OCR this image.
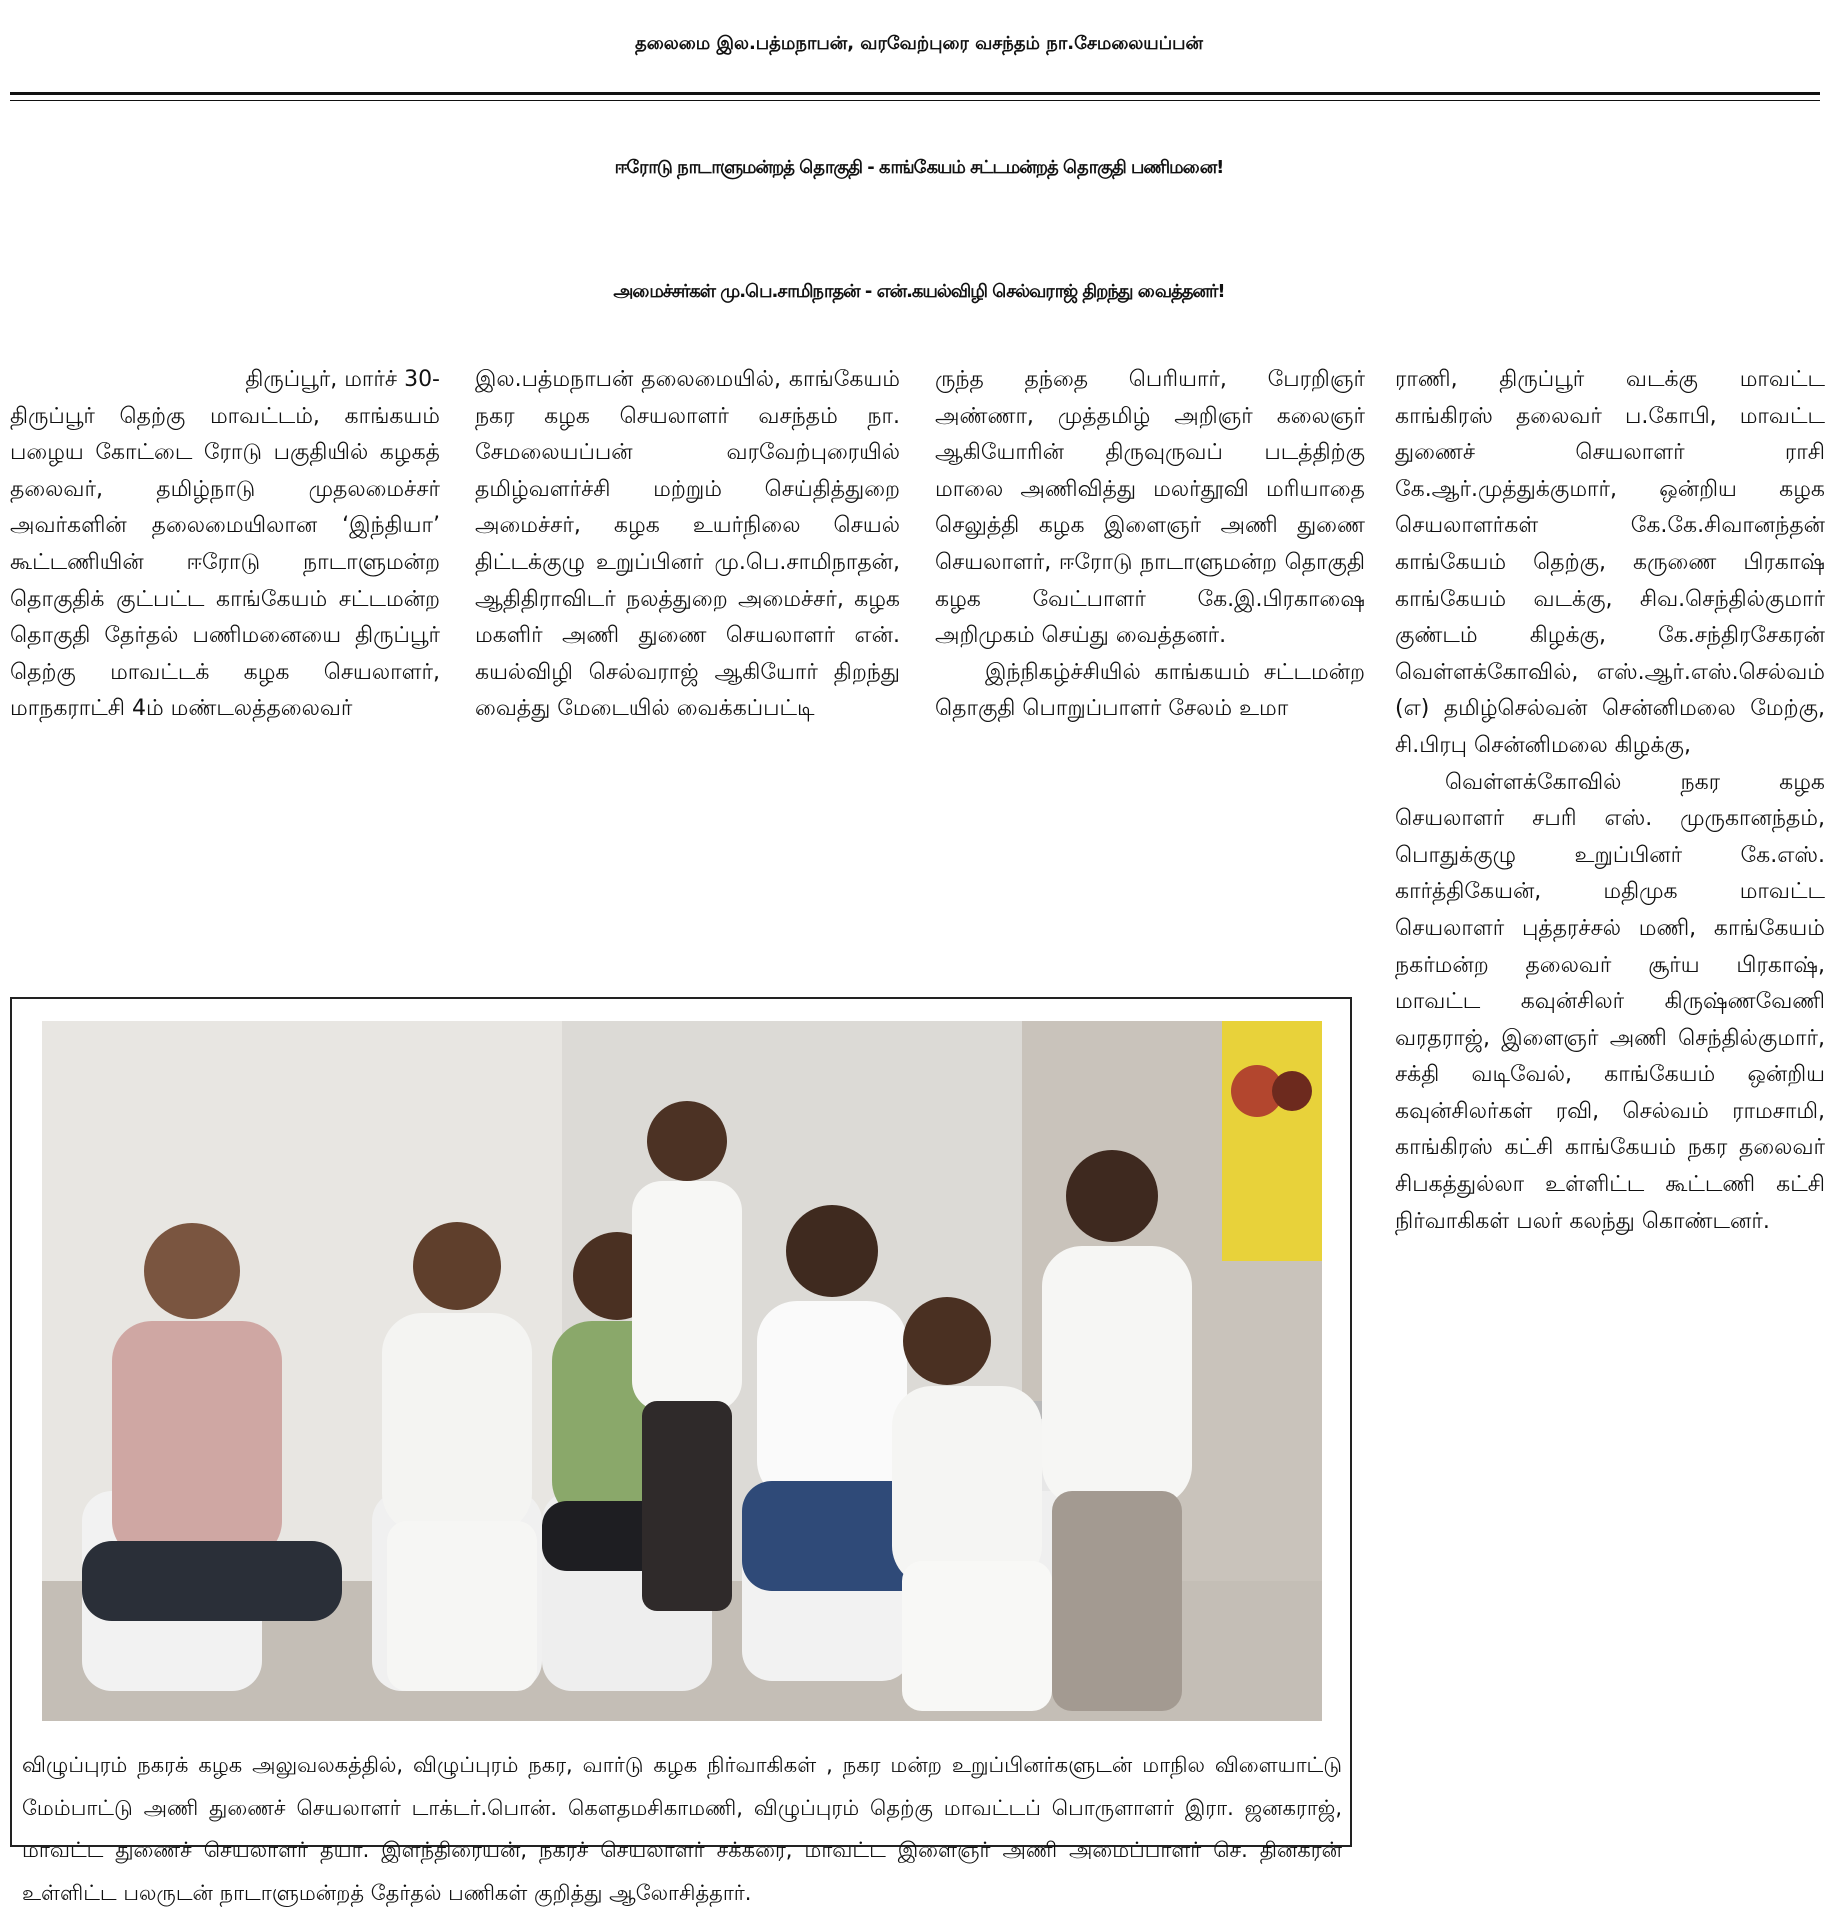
தலைமை இல.பத்மநாபன், வரவேற்புரை வசந்தம் நா.சேமலையப்பன்
ஈரோடு நாடாளுமன்றத் தொகுதி - காங்கேயம் சட்டமன்றத் தொகுதி பணிமனை!
அமைச்சர்கள் மு.பெ.சாமிநாதன் - என்.கயல்விழி செல்வராஜ் திறந்து வைத்தனர்!

திருப்பூர், மார்ச் 30-

திருப்பூர் தெற்கு மாவட்டம், காங்கயம் பழைய கோட்டை ரோடு பகுதியில் கழகத் தலைவர், தமிழ்நாடு முதலமைச்சர் அவர்களின் தலைமையிலான ‘இந்தியா’ கூட்டணியின் ஈரோடு நாடாளுமன்ற தொகுதிக் குட்பட்ட காங்கேயம் சட்டமன்ற தொகுதி தேர்தல் பணிமனையை திருப்பூர் தெற்கு மாவட்டக் கழக செயலாளர், மாநகராட்சி 4ம் மண்டலத்தலைவர்

இல.பத்மநாபன் தலைமையில், காங்கேயம் நகர கழக செயலாளர் வசந்தம் நா. சேமலையப்பன் வரவேற்புரையில் தமிழ்வளர்ச்சி மற்றும் செய்தித்துறை அமைச்சர், கழக உயர்நிலை செயல் திட்டக்குழு உறுப்பினர் மு.பெ.சாமிநாதன், ஆதிதிராவிடர் நலத்துறை அமைச்சர், கழக மகளிர் அணி துணை செயலாளர் என். கயல்விழி செல்வராஜ் ஆகியோர் திறந்து வைத்து மேடையில் வைக்கப்பட்டி

ருந்த தந்தை பெரியார், பேரறிஞர் அண்ணா, முத்தமிழ் அறிஞர் கலைஞர் ஆகியோரின் திருவுருவப் படத்திற்கு மாலை அணிவித்து மலர்தூவி மரியாதை செலுத்தி கழக இளைஞர் அணி துணை செயலாளர், ஈரோடு நாடாளுமன்ற தொகுதி கழக வேட்பாளர் கே.இ.பிரகாஷை அறிமுகம் செய்து வைத்தனர்.

இந்நிகழ்ச்சியில் காங்கயம் சட்டமன்ற தொகுதி பொறுப்பாளர் சேலம் உமா

ராணி, திருப்பூர் வடக்கு மாவட்ட காங்கிரஸ் தலைவர் ப.கோபி, மாவட்ட துணைச் செயலாளர் ராசி கே.ஆர்.முத்துக்குமார், ஒன்றிய கழக செயலாளர்கள் கே.கே.சிவானந்தன் காங்கேயம் தெற்கு, கருணை பிரகாஷ் காங்கேயம் வடக்கு, சிவ.செந்தில்குமார் குண்டம் கிழக்கு, கே.சந்திரசேகரன் வெள்ளக்கோவில், எஸ்.ஆர்.எஸ்.செல்வம் (எ) தமிழ்செல்வன் சென்னிமலை மேற்கு, சி.பிரபு சென்னிமலை கிழக்கு,

வெள்ளக்கோவில் நகர கழக செயலாளர் சபரி எஸ். முருகானந்தம், பொதுக்குழு உறுப்பினர் கே.எஸ். கார்த்திகேயன், மதிமுக மாவட்ட செயலாளர் புத்தரச்சல் மணி, காங்கேயம் நகர்மன்ற தலைவர் சூர்ய பிரகாஷ், மாவட்ட கவுன்சிலர் கிருஷ்ணவேணி வரதராஜ், இளைஞர் அணி செந்தில்குமார், சக்தி வடிவேல், காங்கேயம் ஒன்றிய கவுன்சிலர்கள் ரவி, செல்வம் ராமசாமி, காங்கிரஸ் கட்சி காங்கேயம் நகர தலைவர் சிபகத்துல்லா உள்ளிட்ட கூட்டணி கட்சி நிர்வாகிகள் பலர் கலந்து கொண்டனர்.

விழுப்புரம் நகரக் கழக அலுவலகத்தில், விழுப்புரம் நகர, வார்டு கழக நிர்வாகிகள் , நகர மன்ற உறுப்பினர்களுடன் மாநில விளையாட்டு மேம்பாட்டு அணி துணைச் செயலாளர் டாக்டர்.பொன். கௌதமசிகாமணி, விழுப்புரம் தெற்கு மாவட்டப் பொருளாளர் இரா. ஜனகராஜ், மாவட்ட துணைச் செயலாளர் தயா. இளந்திரையன், நகரச் செயலாளர் சக்கரை, மாவட்ட இளைஞர் அணி அமைப்பாளர் செ. தினகரன் உள்ளிட்ட பலருடன் நாடாளுமன்றத் தேர்தல் பணிகள் குறித்து ஆலோசித்தார்.
